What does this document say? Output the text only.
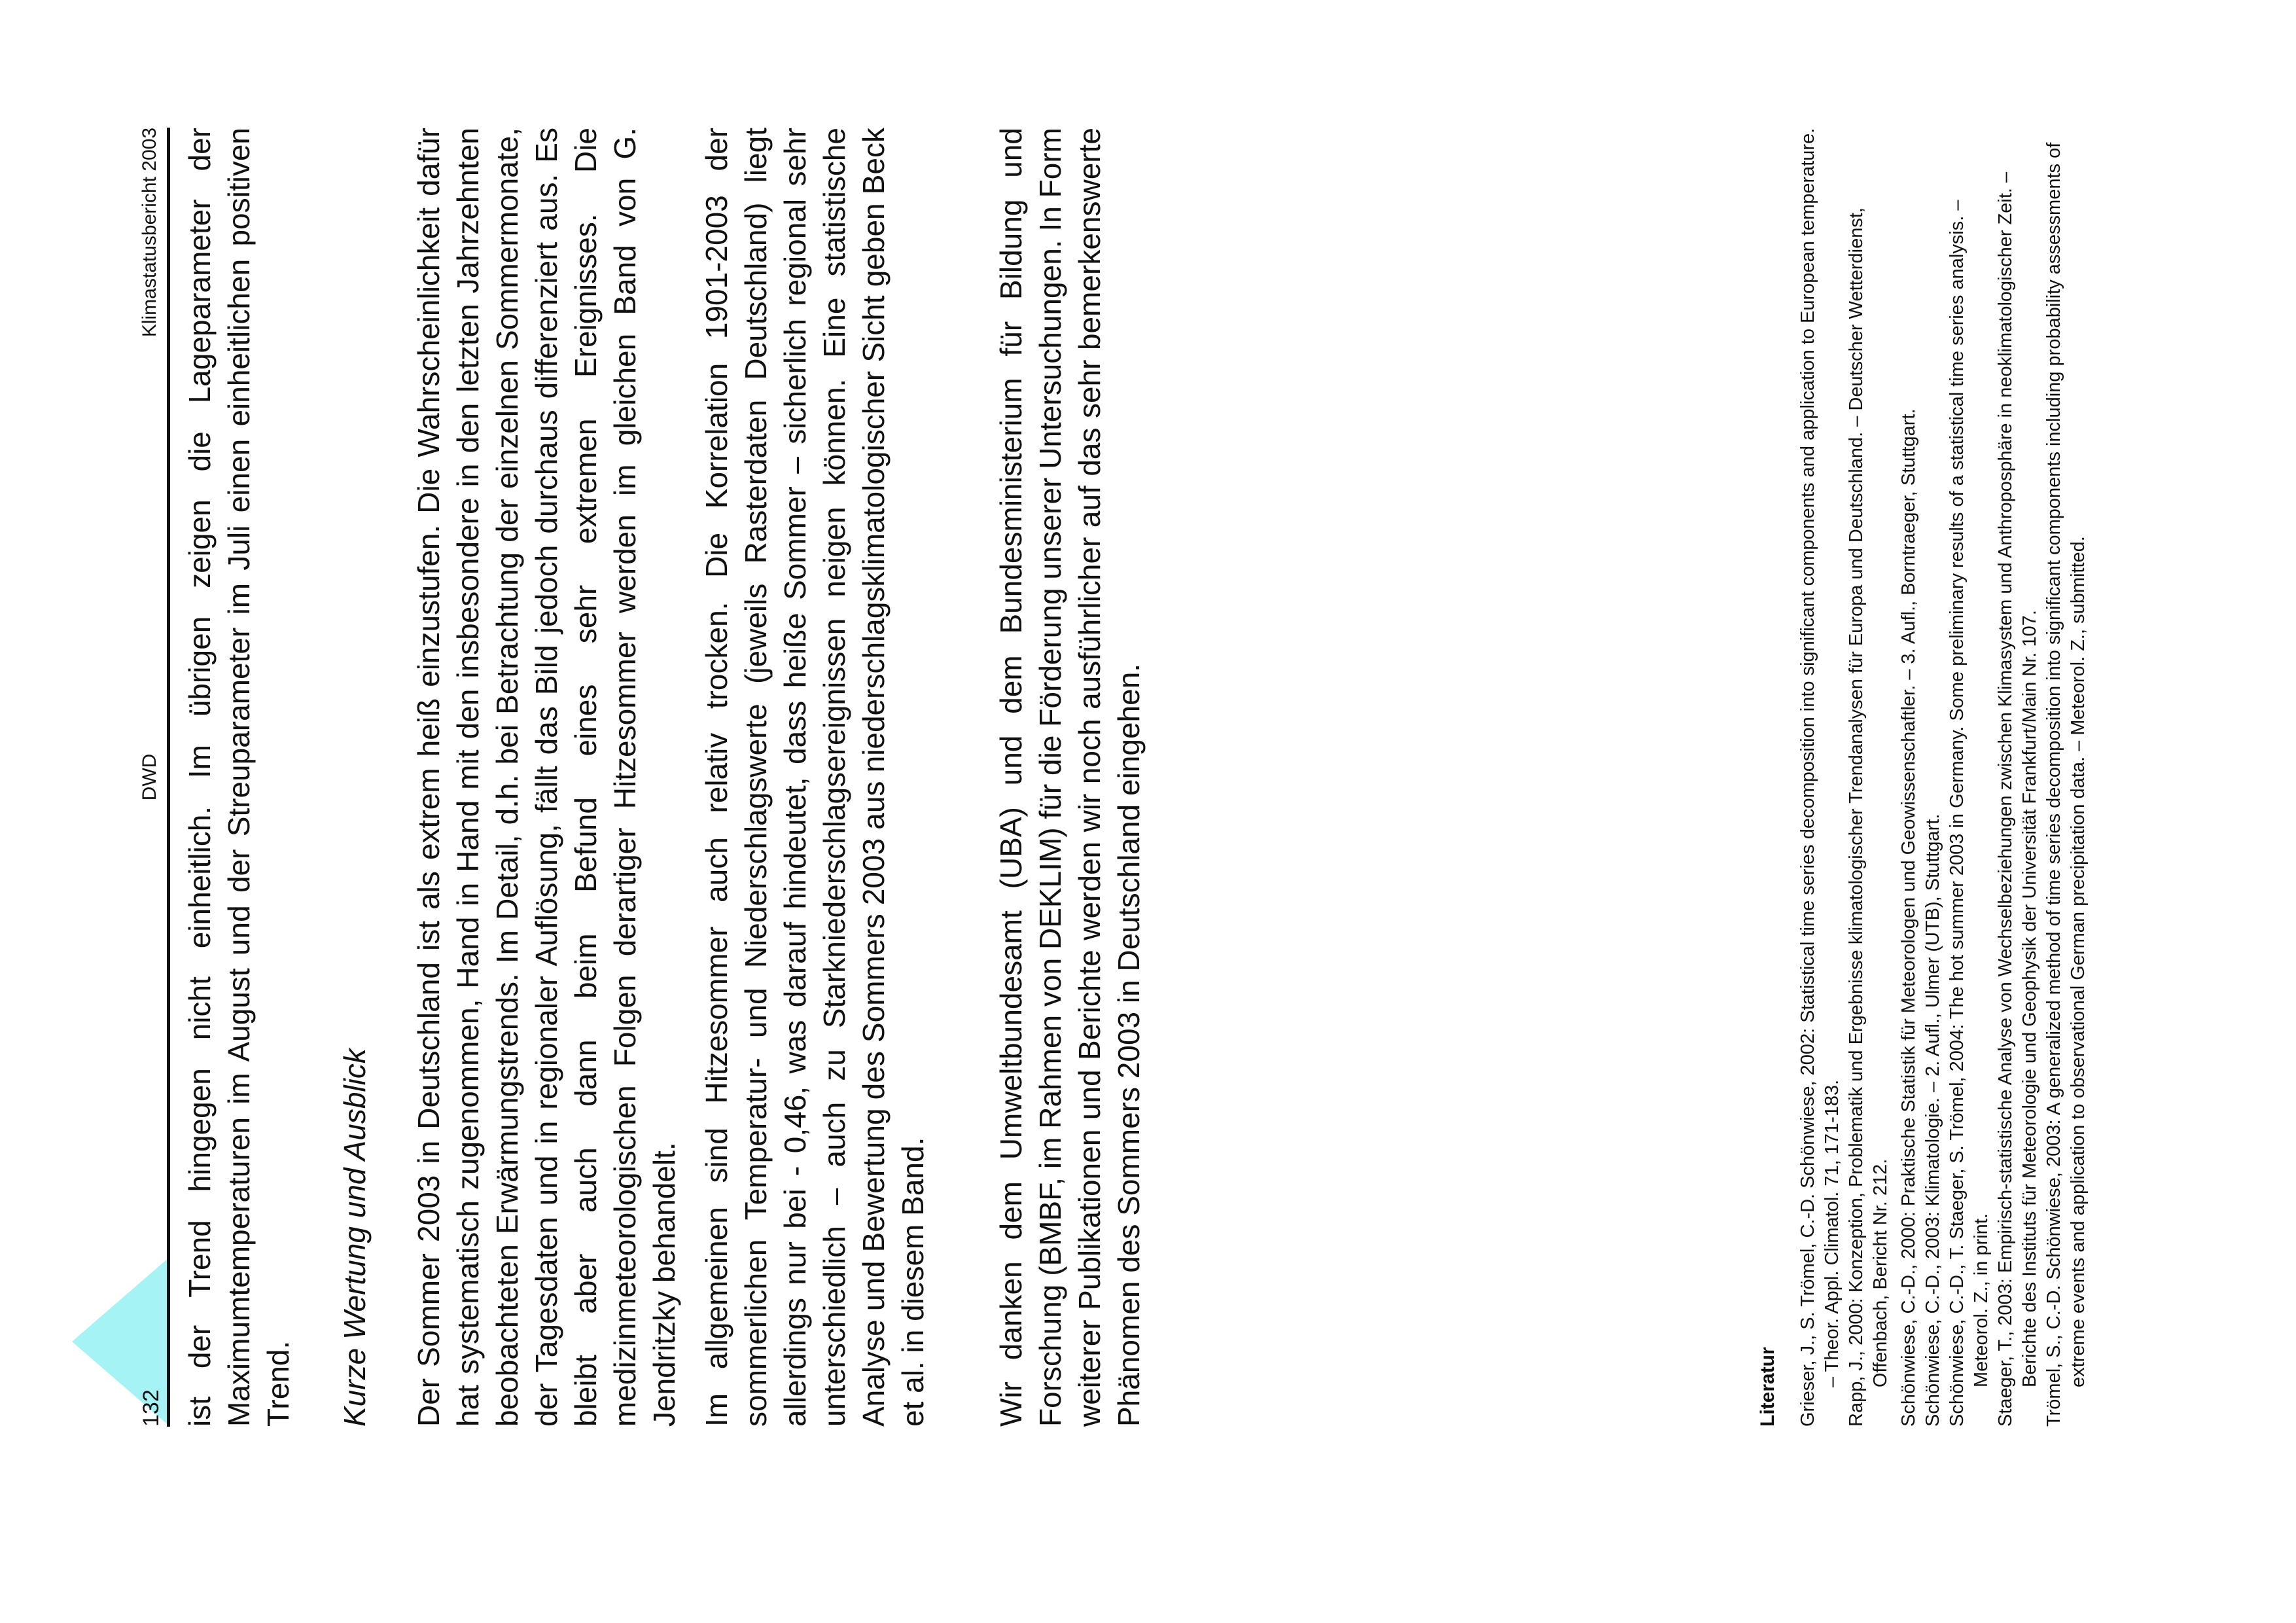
132
DWD
Klimastatusbericht 2003 ist der Trend hingegen nicht einheitlich. Im übrigen zeigen die Lageparameter der Maximumtemperaturen im August und der Streuparameter im Juli einen einheitlichen positiven Trend. Kurze Wertung und Ausblick Der Sommer 2003 in Deutschland ist als extrem heiß einzustufen. Die Wahrscheinlichkeit dafür hat systematisch zugenommen, Hand in Hand mit den insbesondere in den letzten Jahrzehnten beobachteten Erwärmungstrends. Im Detail, d.h. bei Betrachtung der einzelnen Sommermonate, der Tagesdaten und in regionaler Auflösung, fällt das Bild jedoch durchaus differenziert aus. Es bleibt aber auch dann beim Befund eines sehr extremen Ereignisses. Die medizinmeteorologischen Folgen derartiger Hitzesommer werden im gleichen Band von G. Jendritzky behandelt. Im allgemeinen sind Hitzesommer auch relativ trocken. Die Korrelation 1901-2003 der sommerlichen Temperatur- und Niederschlagswerte (jeweils Rasterdaten Deutschland) liegt allerdings nur bei - 0,46, was darauf hindeutet, dass heiße Sommer – sicherlich regional sehr unterschiedlich – auch zu Starkniederschlagsereignissen neigen können. Eine statistische Analyse und Bewertung des Sommers 2003 aus niederschlagsklimatologischer Sicht geben Beck et al. in diesem Band. Wir danken dem Umweltbundesamt (UBA) und dem Bundesministerium für Bildung und Forschung (BMBF, im Rahmen von DEKLIM) für die Förderung unserer Untersuchungen. In Form weiterer Publikationen und Berichte werden wir noch ausführlicher auf das sehr bemerkenswerte Phänomen des Sommers 2003 in Deutschland eingehen.	Literatur Grieser, J., S. Trömel, C.-D. Schönwiese, 2002: Statistical time series decomposition into significant components and application to European temperature. – Theor. Appl. Climatol. 71, 171-183. Rapp, J., 2000: Konzeption, Problematik und Ergebnisse klimatologischer Trendanalysen für Europa und Deutschland. – Deutscher Wetterdienst, Offenbach, Bericht Nr. 212. Schönwiese, C.-D., 2000: Praktische Statistik für Meteorologen und Geowissenschaftler. – 3. Aufl., Borntraeger, Stuttgart. Schönwiese, C.-D., 2003: Klimatologie. – 2. Aufl., Ulmer (UTB), Stuttgart. Schönwiese, C.-D., T. Staeger, S. Trömel, 2004: The hot summer 2003 in Germany. Some preliminary results of a statistical time series analysis. – Meteorol. Z., in print. Staeger, T., 2003: Empirisch-statistische Analyse von Wechselbeziehungen zwischen Klimasystem und Anthroposphäre in neoklimatologischer Zeit. – Berichte des Instituts für Meteorologie und Geophysik der Universität Frankfurt/Main Nr. 107. Trömel, S., C.-D. Schönwiese, 2003: A generalized method of time series decomposition into significant components including probability assessments of extreme events and application to observational German precipitation data. – Meteorol. Z., submitted.
